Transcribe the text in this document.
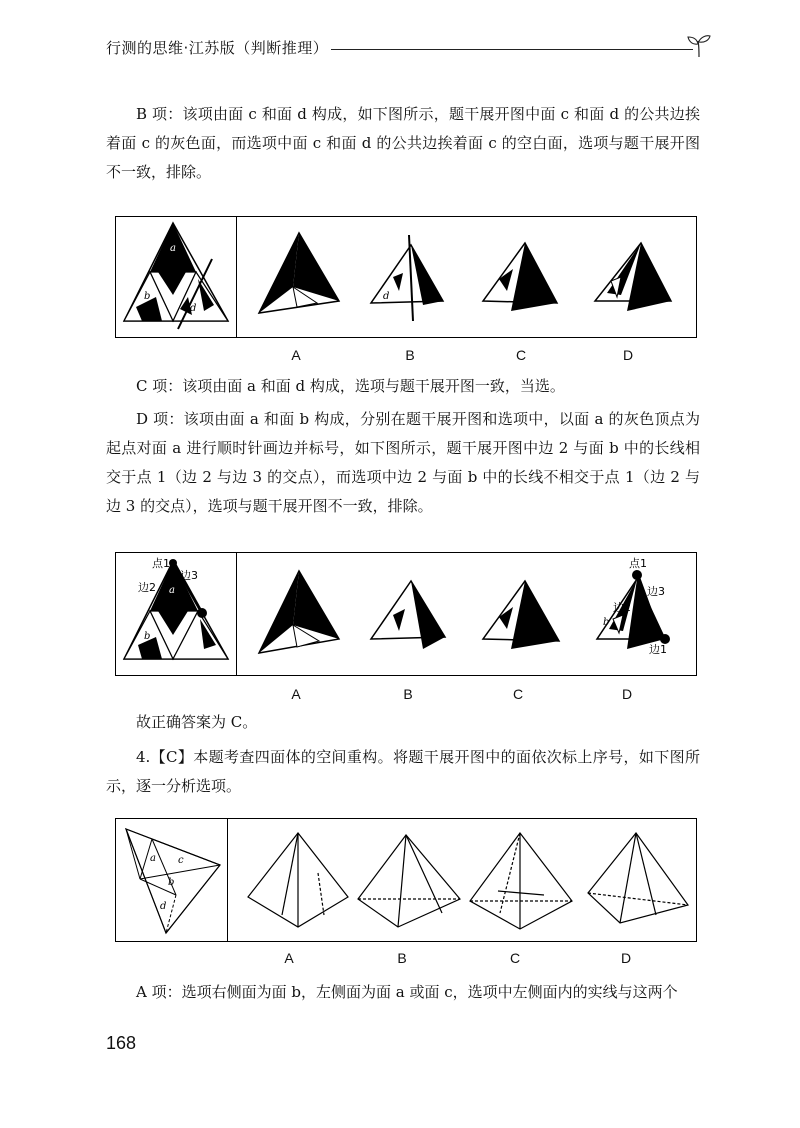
行测的思维·江苏版（判断推理）

B 项：该项由面 c 和面 d 构成，如下图所示，题干展开图中面 c 和面 d 的公共边挨着面 c 的灰色面，而选项中面 c 和面 d 的公共边挨着面 c 的空白面，选项与题干展开图不一致，排除。

a
b
c
d
d
A	B	C	D

C 项：该项由面 a 和面 d 构成，选项与题干展开图一致，当选。

D 项：该项由面 a 和面 b 构成，分别在题干展开图和选项中，以面 a 的灰色顶点为起点对面 a 进行顺时针画边并标号，如下图所示，题干展开图中边 2 与面 b 中的长线相交于点 1（边 2 与边 3 的交点），而选项中边 2 与面 b 中的长线不相交于点 1（边 2 与边 3 的交点），选项与题干展开图不一致，排除。

a
b
c
点1
边3
边2
点1
边3
边2
边1
b
A	B	C	D

故正确答案为 C。

4.【C】本题考查四面体的空间重构。将题干展开图中的面依次标上序号，如下图所示，逐一分析选项。

a c
b
d
A	B	C	D

A 项：选项右侧面为面 b，左侧面为面 a 或面 c，选项中左侧面内的实线与这两个

168
